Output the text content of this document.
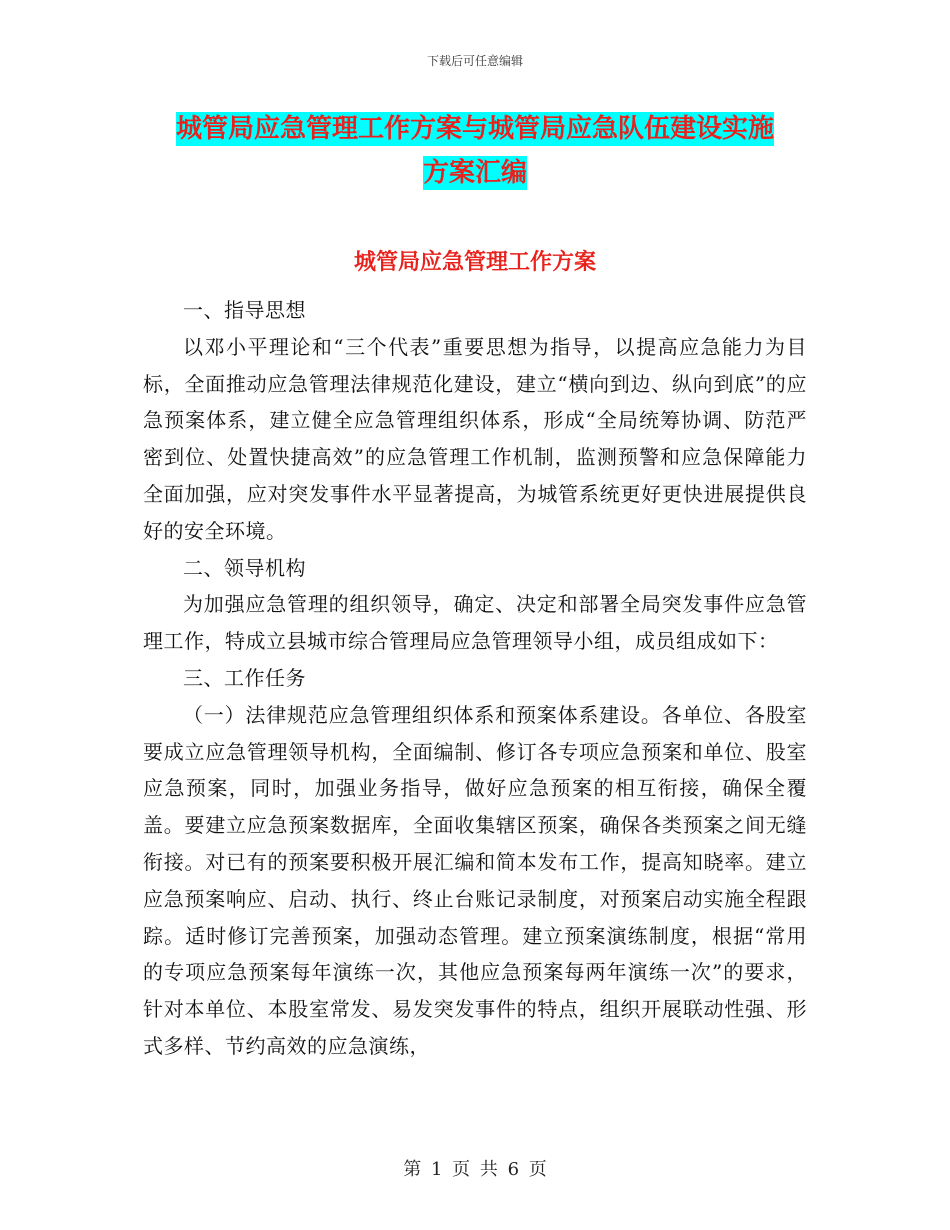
下载后可任意编辑
城管局应急管理工作方案与城管局应急队伍建设实施
方案汇编
城管局应急管理工作方案

一、指导思想

以邓小平理论和“三个代表”重要思想为指导，以提高应急能力为目标，全面推动应急管理法律规范化建设，建立“横向到边、纵向到底”的应急预案体系，建立健全应急管理组织体系，形成“全局统筹协调、防范严密到位、处置快捷高效”的应急管理工作机制，监测预警和应急保障能力全面加强，应对突发事件水平显著提高，为城管系统更好更快进展提供良好的安全环境。

二、领导机构

为加强应急管理的组织领导，确定、决定和部署全局突发事件应急管理工作，特成立县城市综合管理局应急管理领导小组，成员组成如下：

三、工作任务

（一）法律规范应急管理组织体系和预案体系建设。各单位、各股室要成立应急管理领导机构，全面编制、修订各专项应急预案和单位、股室应急预案，同时，加强业务指导，做好应急预案的相互衔接，确保全覆盖。要建立应急预案数据库，全面收集辖区预案，确保各类预案之间无缝衔接。对已有的预案要积极开展汇编和简本发布工作，提高知晓率。建立应急预案响应、启动、执行、终止台账记录制度，对预案启动实施全程跟踪。适时修订完善预案，加强动态管理。建立预案演练制度，根据“常用的专项应急预案每年演练一次，其他应急预案每两年演练一次”的要求，针对本单位、本股室常发、易发突发事件的特点，组织开展联动性强、形式多样、节约高效的应急演练，

第 1 页 共 6 页
